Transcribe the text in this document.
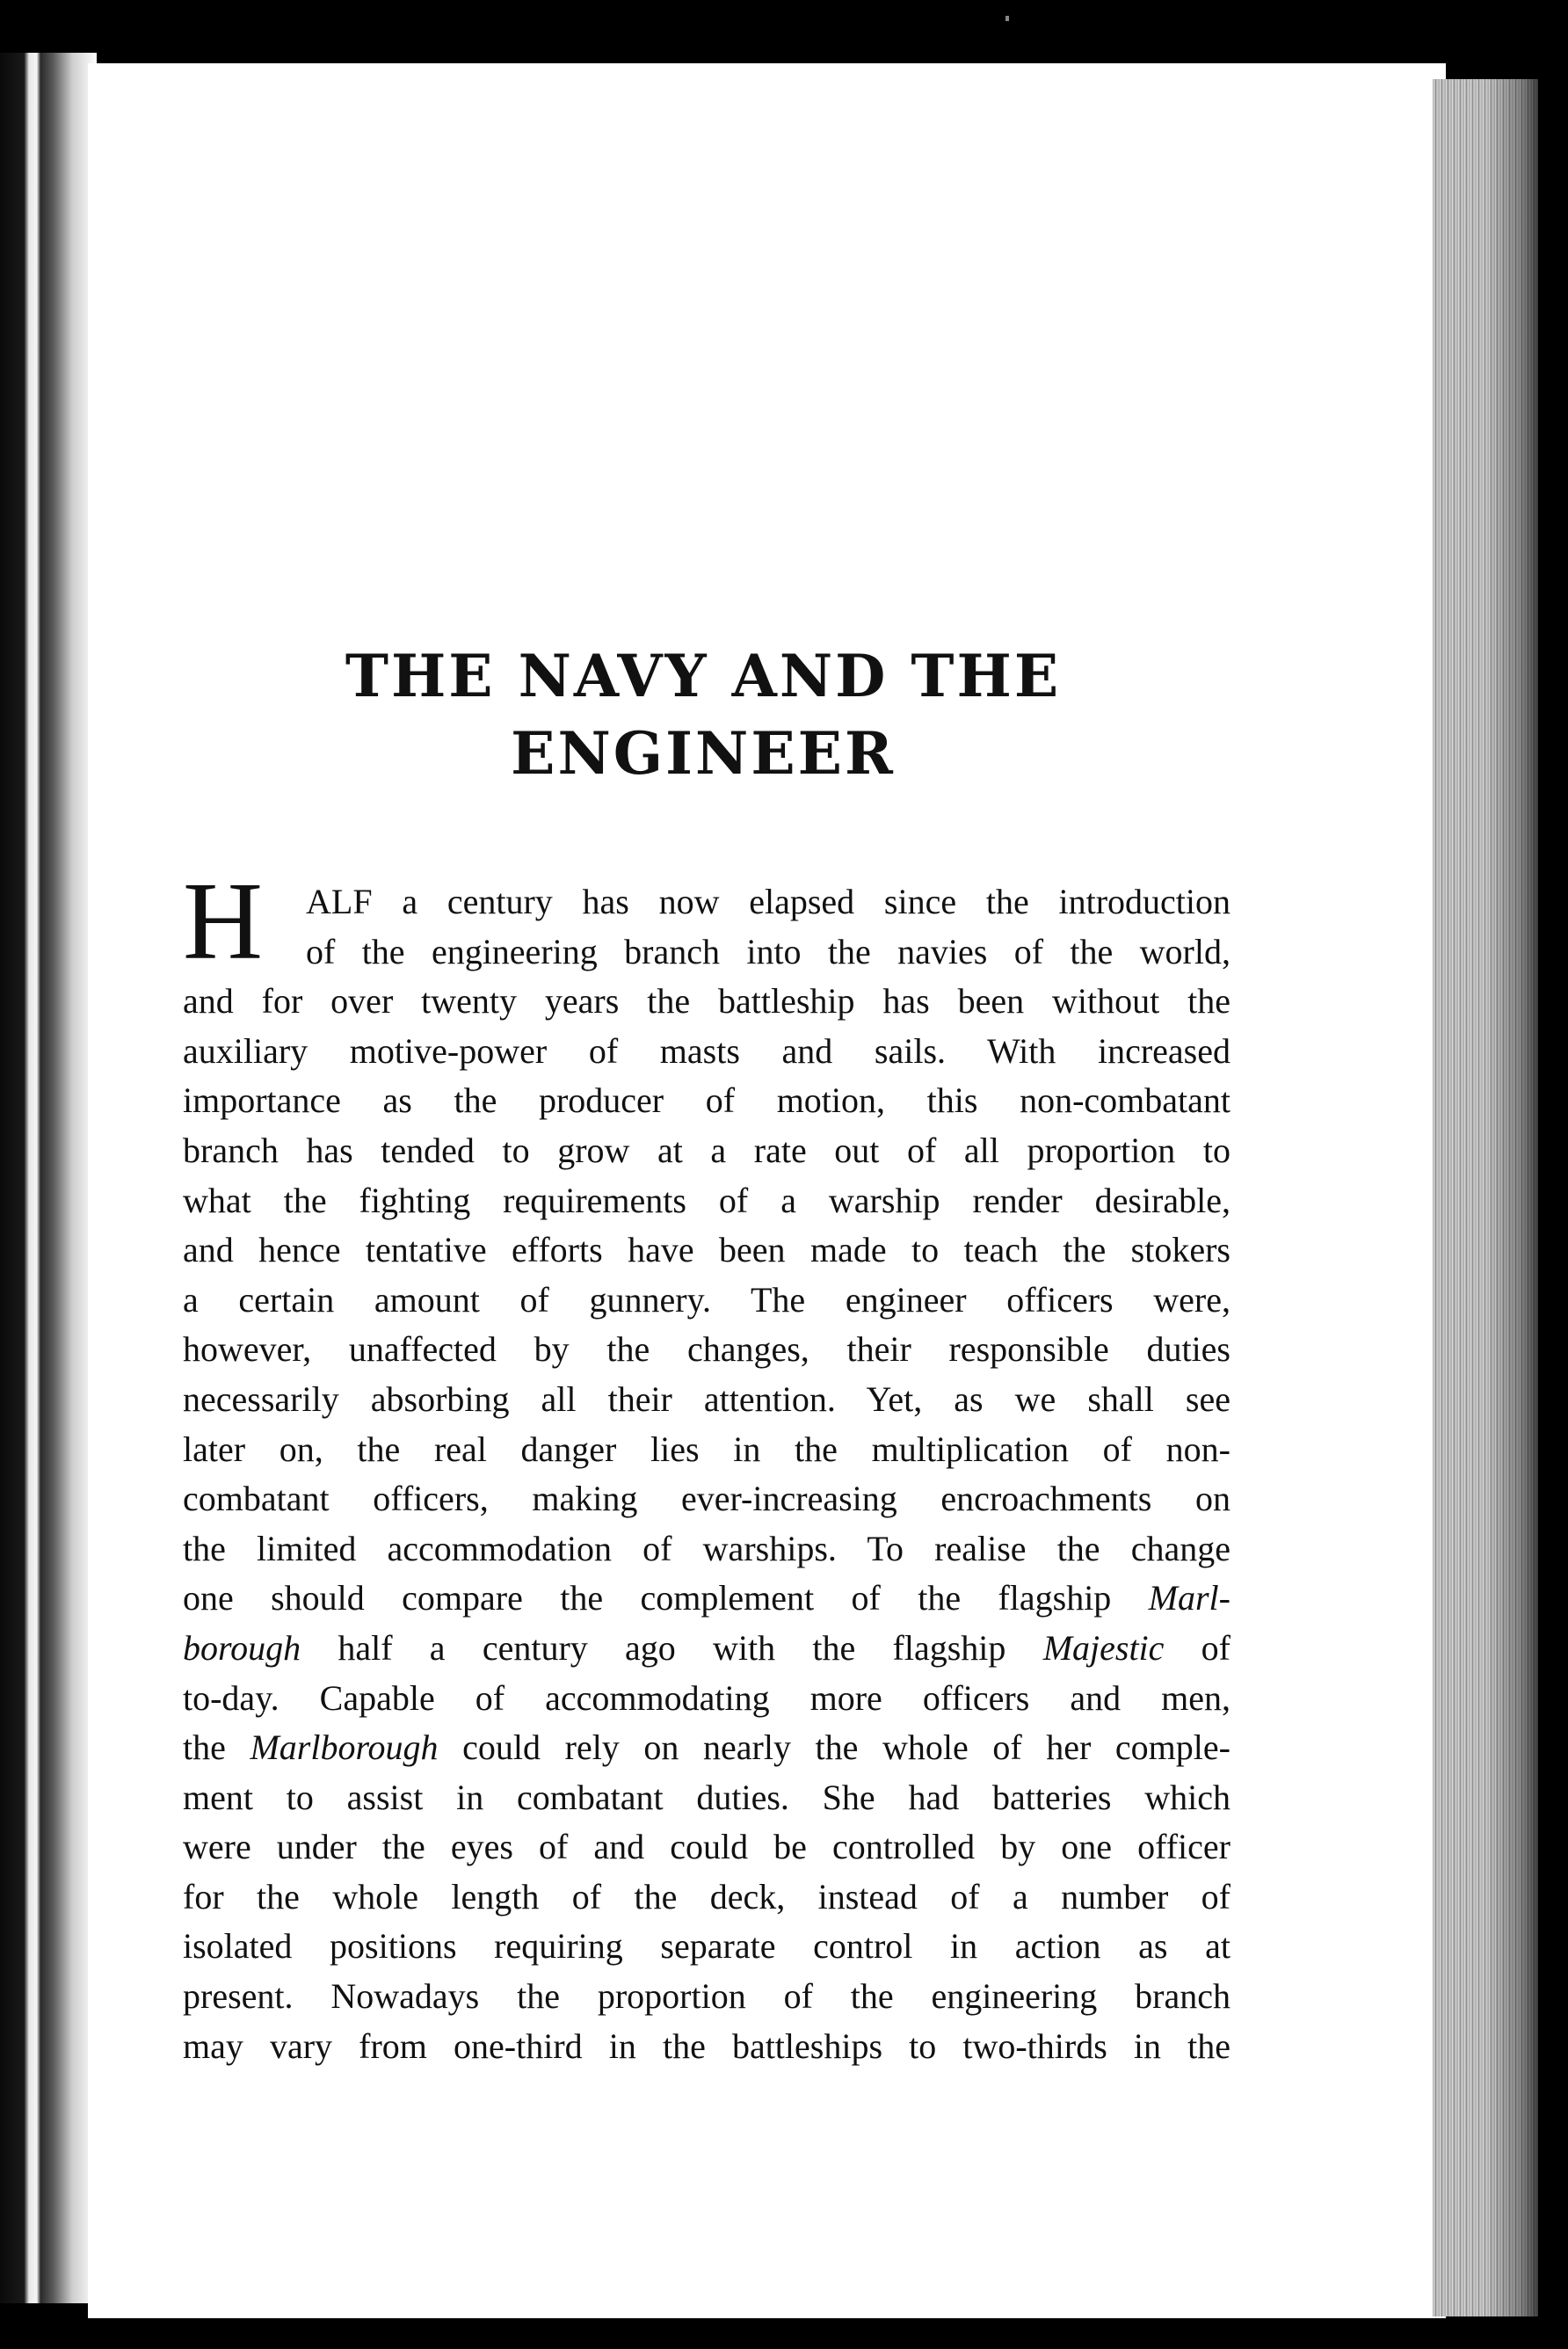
THE NAVY AND THE
ENGINEER
H	ALF a century has now elapsed since the introduction
of the engineering branch into the navies of the world,
and for over twenty years the battleship has been without the
auxiliary motive-power of masts and sails. With increased
importance as the producer of motion, this non-combatant
branch has tended to grow at a rate out of all proportion to
what the fighting requirements of a warship render desirable,
and hence tentative efforts have been made to teach the stokers
a certain amount of gunnery. The engineer officers were,
however, unaffected by the changes, their responsible duties
necessarily absorbing all their attention. Yet, as we shall see
later on, the real danger lies in the multiplication of non-
combatant officers, making ever-increasing encroachments on
the limited accommodation of warships. To realise the change
one should compare the complement of the flagship Marl-
borough half a century ago with the flagship Majestic of
to-day. Capable of accommodating more officers and men,
the Marlborough could rely on nearly the whole of her comple-
ment to assist in combatant duties. She had batteries which
were under the eyes of and could be controlled by one officer
for the whole length of the deck, instead of a number of
isolated positions requiring separate control in action as at
present. Nowadays the proportion of the engineering branch
may vary from one-third in the battleships to two-thirds in the
